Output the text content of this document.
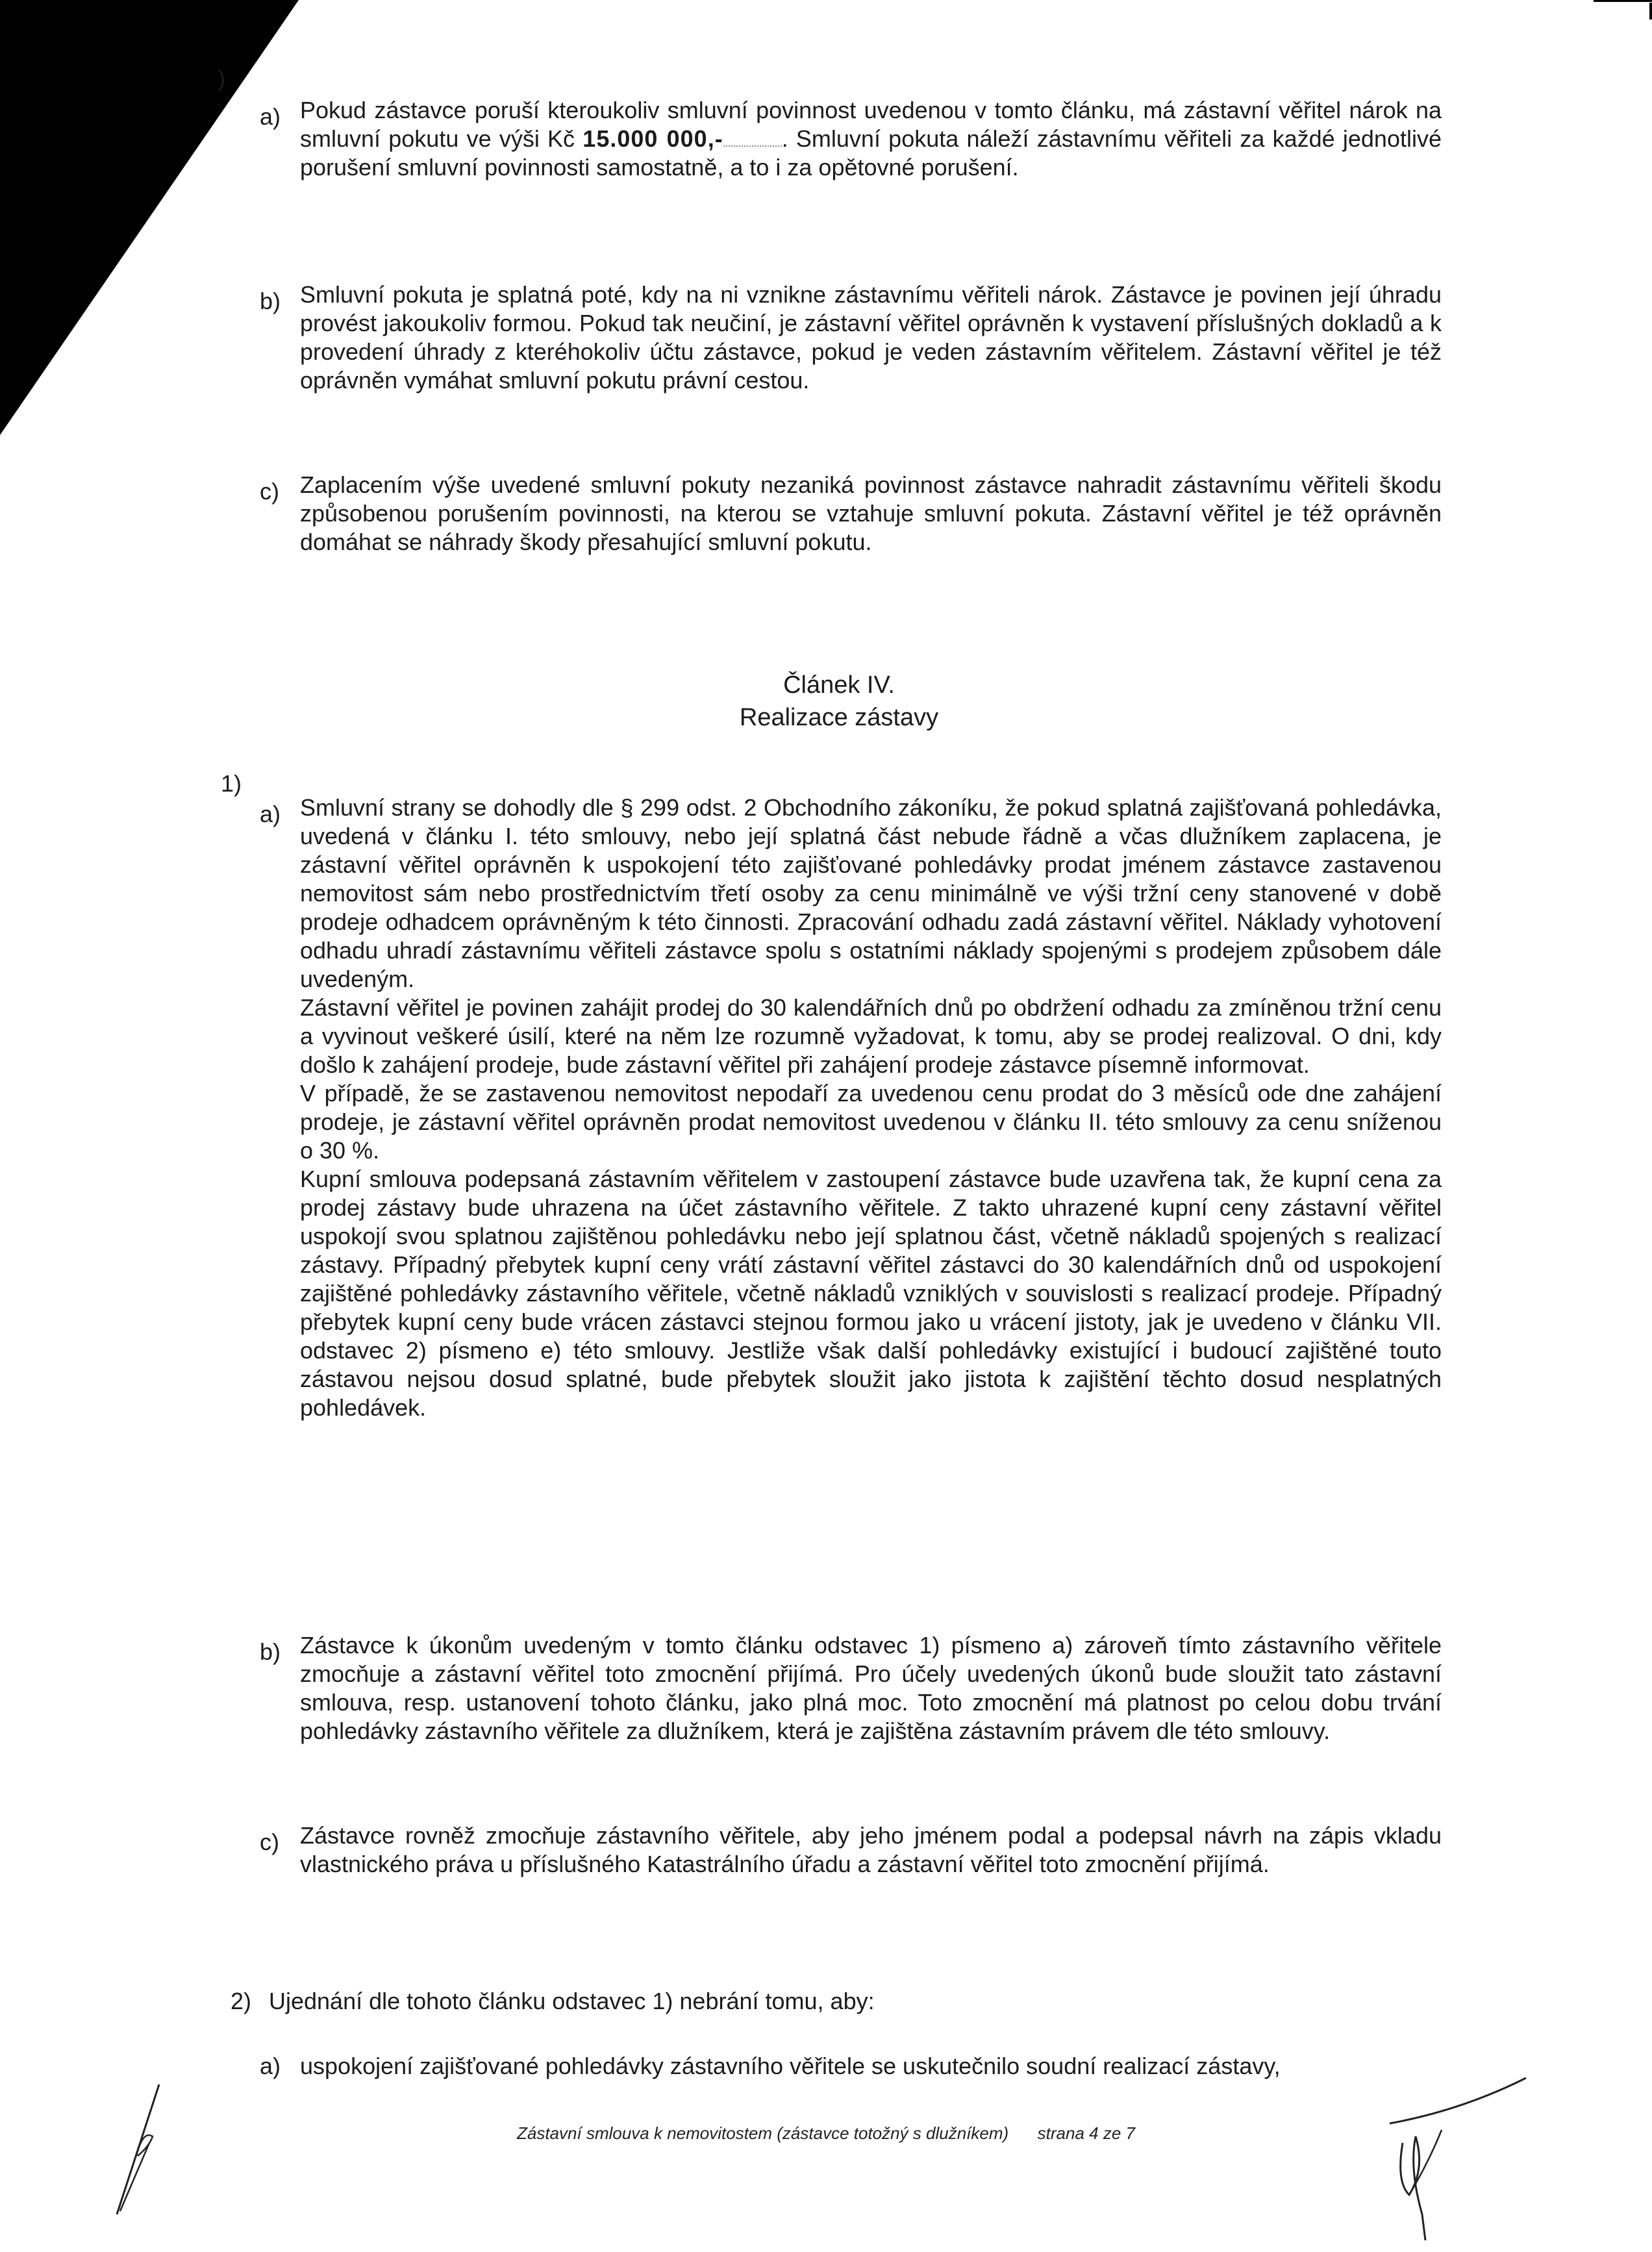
)
a) Pokud zástavce poruší kteroukoliv smluvní povinnost uvedenou v tomto článku, má zástavní věřitel nárok na smluvní pokutu ve výši Kč 15.000 000,-	. Smluvní pokuta náleží zástavnímu věřiteli za každé jednotlivé porušení smluvní povinnosti samostatně, a to i za opětovné porušení.
b) Smluvní pokuta je splatná poté, kdy na ni vznikne zástavnímu věřiteli nárok. Zástavce je povinen její úhradu provést jakoukoliv formou. Pokud tak neučiní, je zástavní věřitel oprávněn k vystavení příslušných dokladů a k provedení úhrady z kteréhokoliv účtu zástavce, pokud je veden zástavním věřitelem. Zástavní věřitel je též oprávněn vymáhat smluvní pokutu právní cestou.
c) Zaplacením výše uvedené smluvní pokuty nezaniká povinnost zástavce nahradit zástavnímu věřiteli škodu způsobenou porušením povinnosti, na kterou se vztahuje smluvní pokuta. Zástavní věřitel je též oprávněn domáhat se náhrady škody přesahující smluvní pokutu.
Článek IV.
Realizace zástavy
1)
a) Smluvní strany se dohodly dle § 299 odst. 2 Obchodního zákoníku, že pokud splatná zajišťovaná pohledávka, uvedená v článku I. této smlouvy, nebo její splatná část nebude řádně a včas dlužníkem zaplacena, je zástavní věřitel oprávněn k uspokojení této zajišťované pohledávky prodat jménem zástavce zastavenou nemovitost sám nebo prostřednictvím třetí osoby za cenu minimálně ve výši tržní ceny stanovené v době prodeje odhadcem oprávněným k této činnosti. Zpracování odhadu zadá zástavní věřitel. Náklady vyhotovení odhadu uhradí zástavnímu věřiteli zástavce spolu s ostatními náklady spojenými s prodejem způsobem dále uvedeným.
Zástavní věřitel je povinen zahájit prodej do 30 kalendářních dnů po obdržení odhadu za zmíněnou tržní cenu a vyvinout veškeré úsilí, které na něm lze rozumně vyžadovat, k tomu, aby se prodej realizoval. O dni, kdy došlo k zahájení prodeje, bude zástavní věřitel při zahájení prodeje zástavce písemně informovat.
V případě, že se zastavenou nemovitost nepodaří za uvedenou cenu prodat do 3 měsíců ode dne zahájení prodeje, je zástavní věřitel oprávněn prodat nemovitost uvedenou v článku II. této smlouvy za cenu sníženou o 30 %.
Kupní smlouva podepsaná zástavním věřitelem v zastoupení zástavce bude uzavřena tak, že kupní cena za prodej zástavy bude uhrazena na účet zástavního věřitele. Z takto uhrazené kupní ceny zástavní věřitel uspokojí svou splatnou zajištěnou pohledávku nebo její splatnou část, včetně nákladů spojených s realizací zástavy. Případný přebytek kupní ceny vrátí zástavní věřitel zástavci do 30 kalendářních dnů od uspokojení zajištěné pohledávky zástavního věřitele, včetně nákladů vzniklých v souvislosti s realizací prodeje. Případný přebytek kupní ceny bude vrácen zástavci stejnou formou jako u vrácení jistoty, jak je uvedeno v článku VII. odstavec 2) písmeno e) této smlouvy. Jestliže však další pohledávky existující i budoucí zajištěné touto zástavou nejsou dosud splatné, bude přebytek sloužit jako jistota k zajištění těchto dosud nesplatných pohledávek.
b) Zástavce k úkonům uvedeným v tomto článku odstavec 1) písmeno a) zároveň tímto zástavního věřitele zmocňuje a zástavní věřitel toto zmocnění přijímá. Pro účely uvedených úkonů bude sloužit tato zástavní smlouva, resp. ustanovení tohoto článku, jako plná moc. Toto zmocnění má platnost po celou dobu trvání pohledávky zástavního věřitele za dlužníkem, která je zajištěna zástavním právem dle této smlouvy.
c) Zástavce rovněž zmocňuje zástavního věřitele, aby jeho jménem podal a podepsal návrh na zápis vkladu vlastnického práva u příslušného Katastrálního úřadu a zástavní věřitel toto zmocnění přijímá.
2) Ujednání dle tohoto článku odstavec 1) nebrání tomu, aby:
a) uspokojení zajišťované pohledávky zástavního věřitele se uskutečnilo soudní realizací zástavy,
Zástavní smlouva k nemovitostem (zástavce totožný s dlužníkem) strana 4 ze 7
